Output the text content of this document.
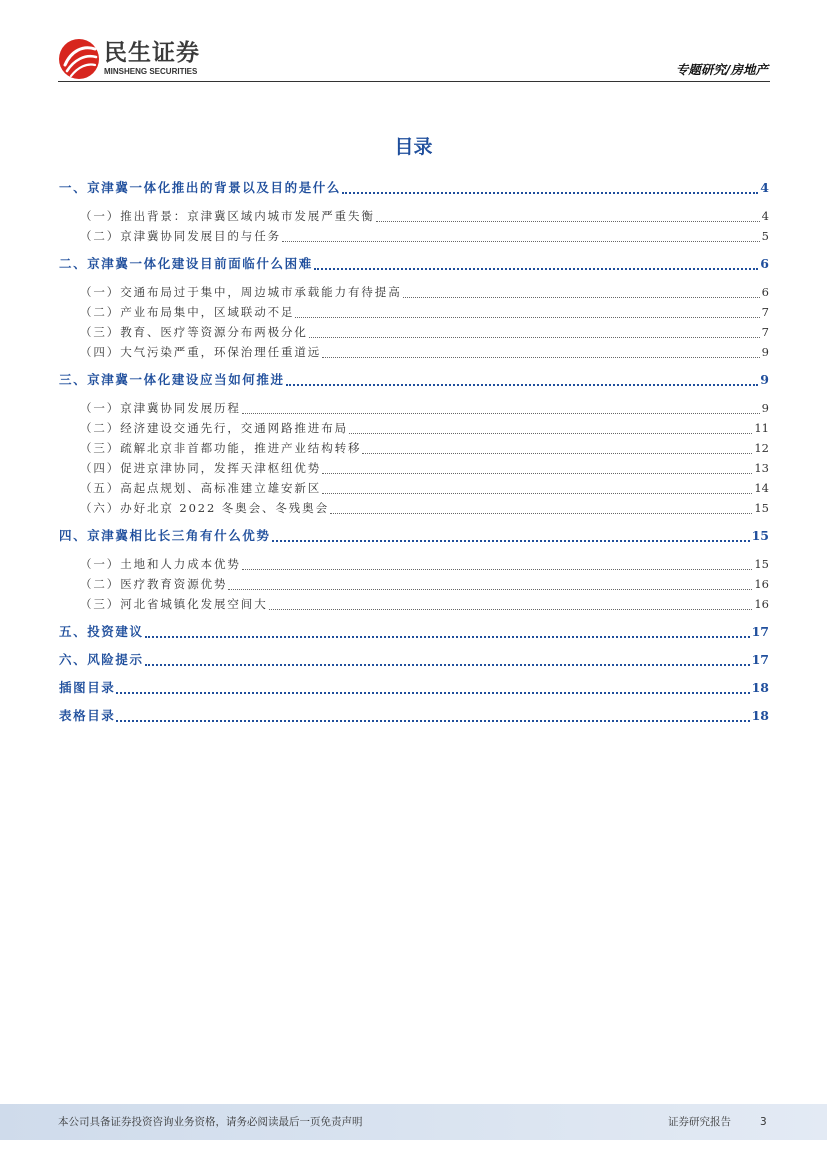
民生证券
MINSHENG SECURITIES	专题研究/房地产
目录
一、京津冀一体化推出的背景以及目的是什么	4
（一）推出背景：京津冀区域内城市发展严重失衡	4
（二）京津冀协同发展目的与任务	5
二、京津冀一体化建设目前面临什么困难	6
（一）交通布局过于集中，周边城市承载能力有待提高	6
（二）产业布局集中，区域联动不足	7
（三）教育、医疗等资源分布两极分化	7
（四）大气污染严重，环保治理任重道远	9
三、京津冀一体化建设应当如何推进	9
（一）京津冀协同发展历程	9
（二）经济建设交通先行，交通网路推进布局	11
（三）疏解北京非首都功能，推进产业结构转移	12
（四）促进京津协同，发挥天津枢纽优势	13
（五）高起点规划、高标准建立雄安新区	14
（六）办好北京 2022 冬奥会、冬残奥会	15
四、京津冀相比长三角有什么优势	15
（一）土地和人力成本优势	15
（二）医疗教育资源优势	16
（三）河北省城镇化发展空间大	16
五、投资建议	17
六、风险提示	17
插图目录	18
表格目录	18
本公司具备证券投资咨询业务资格，请务必阅读最后一页免责声明	证券研究报告	3
